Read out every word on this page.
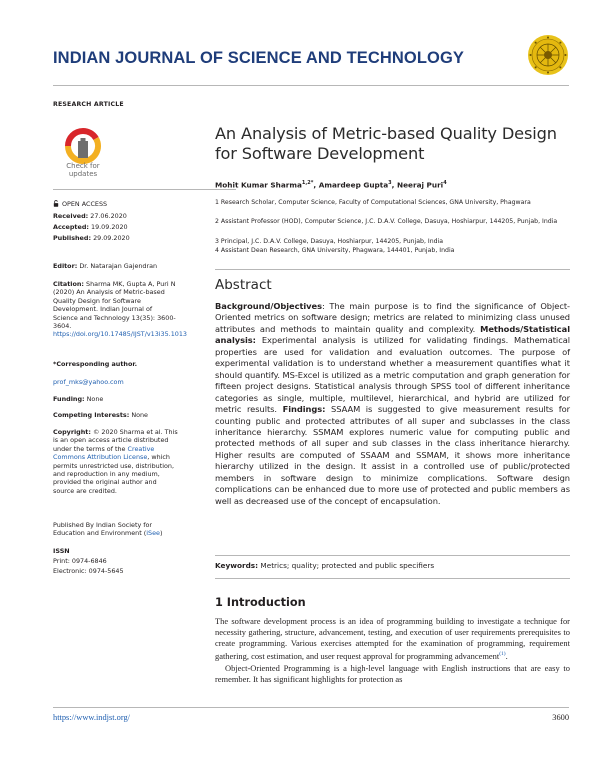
INDIAN JOURNAL OF SCIENCE AND TECHNOLOGY
RESEARCH ARTICLE
Check for
updates
OPEN ACCESS
Received: 27.06.2020
Accepted: 19.09.2020
Published: 29.09.2020
Editor: Dr. Natarajan Gajendran
Citation: Sharma MK, Gupta A, Puri N (2020) An Analysis of Metric-based Quality Design for Software Development. Indian Journal of Science and Technology 13(35): 3600-3604. https://doi.org/10.17485/IJST/v13i35.1013
*Corresponding author.
prof_mks@yahoo.com
Funding: None
Competing Interests: None
Copyright: © 2020 Sharma et al. This is an open access article distributed under the terms of the Creative Commons Attribution License, which permits unrestricted use, distribution, and reproduction in any medium, provided the original author and source are credited.
Published By Indian Society for Education and Environment (iSee)
ISSN
Print: 0974-6846
Electronic: 0974-5645
An Analysis of Metric-based Quality Design for Software Development
Mohit Kumar Sharma$^{1,2*}$, Amardeep Gupta$^3$, Neeraj Puri$^4$
1 Research Scholar, Computer Science, Faculty of Computational Sciences, GNA University, Phagwara
2 Assistant Professor (HOD), Computer Science, J.C. D.A.V. College, Dasuya, Hoshiarpur, 144205, Punjab, India
3 Principal, J.C. D.A.V. College, Dasuya, Hoshiarpur, 144205, Punjab, India
4 Assistant Dean Research, GNA University, Phagwara, 144401, Punjab, India
Abstract
Background/Objectives: The main purpose is to find the significance of Object-Oriented metrics on software design; metrics are related to minimizing class unused attributes and methods to maintain quality and complexity. Methods/Statistical analysis: Experimental analysis is utilized for validating findings. Mathematical properties are used for validation and evaluation outcomes. The purpose of experimental validation is to understand whether a measurement quantifies what it should quantify. MS-Excel is utilized as a metric computation and graph generation for fifteen project designs. Statistical analysis through SPSS tool of different inheritance categories as single, multiple, multilevel, hierarchical, and hybrid are utilized for metric results. Findings: SSAAM is suggested to give measurement results for counting public and protected attributes of all super and subclasses in the class inheritance hierarchy. SSMAM explores numeric value for computing public and protected methods of all super and sub classes in the class inheritance hierarchy. Higher results are computed of SSAAM and SSMAM, it shows more inheritance hierarchy utilized in the design. It assist in a controlled use of public/protected members in software design to minimize complications. Software design complications can be enhanced due to more use of protected and public members as well as decreased use of the concept of encapsulation.
Keywords: Metrics; quality; protected and public specifiers
1 Introduction

The software development process is an idea of programming building to investigate a technique for necessity gathering, structure, advancement, testing, and execution of user requirements prerequisites to create programming. Various exercises attempted for the examination of programming, requirement gathering, cost estimation, and user request approval for programming advancement$^{(1)}$.

Object-Oriented Programming is a high-level language with English instructions that are easy to remember. It has significant highlights for protection as

https://www.indjst.org/	3600
